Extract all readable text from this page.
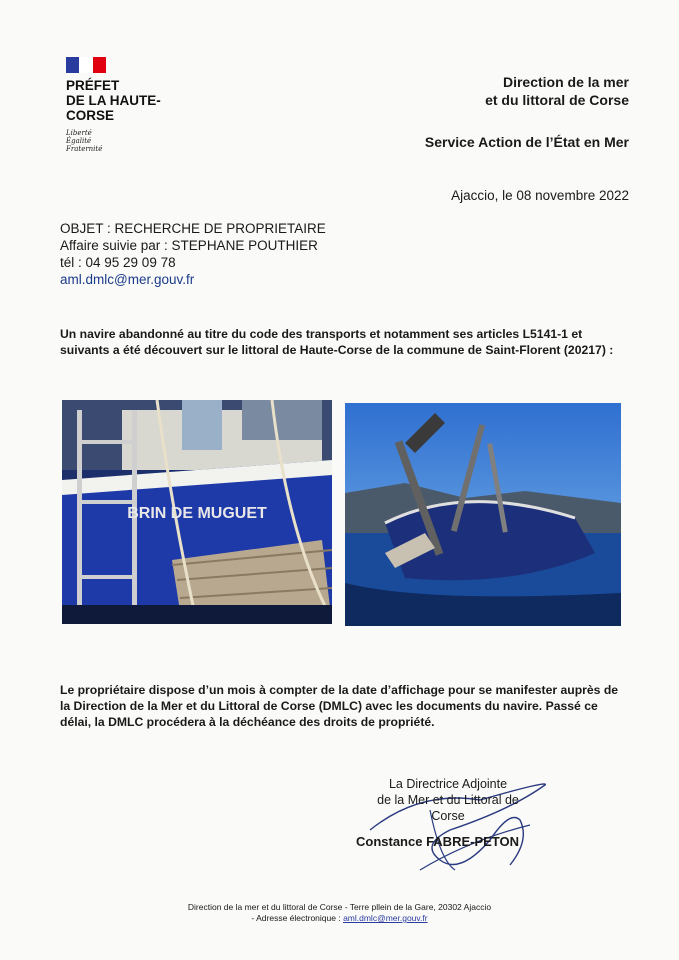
PRÉFET
DE LA HAUTE-
CORSE
Liberté
Égalité
Fraternité
Direction de la mer
et du littoral de Corse
Service Action de l’État en Mer
Ajaccio, le 08 novembre 2022
OBJET : RECHERCHE DE PROPRIETAIRE
Affaire suivie par : STEPHANE POUTHIER
tél : 04 95 29 09 78
aml.dmlc@mer.gouv.fr
Un navire abandonné au titre du code des transports et notamment ses articles L5141-1 et suivants a été découvert sur le littoral de Haute-Corse de la commune de Saint-Florent (20217) :
BRIN DE MUGUET
Le propriétaire dispose d’un mois à compter de la date d’affichage pour se manifester auprès de la Direction de la Mer et du Littoral de Corse (DMLC) avec les documents du navire. Passé ce délai, la DMLC procédera à la déchéance des droits de propriété.
La Directrice Adjointe
de la Mer et du Littoral de Corse
Constance FABRE-PETON
Direction de la mer et du littoral de Corse - Terre pllein de la Gare, 20302 Ajaccio
- Adresse électronique : aml.dmlc@mer.gouv.fr
